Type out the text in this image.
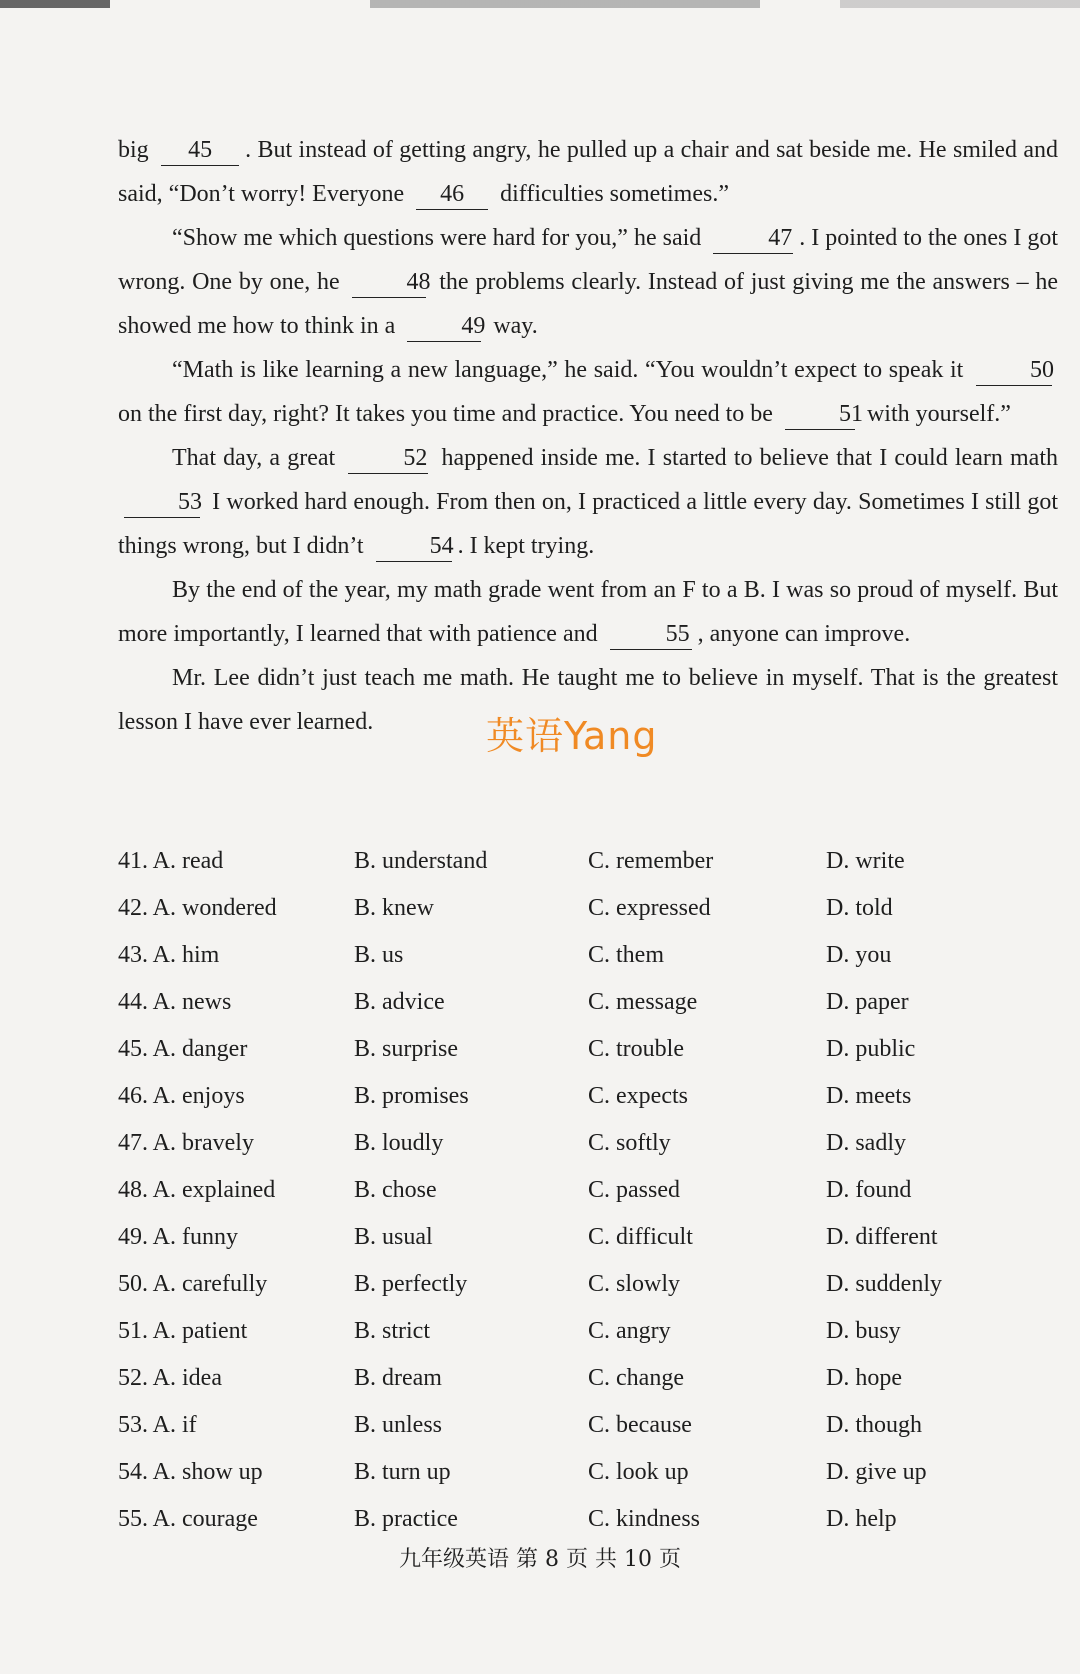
big 45 . But instead of getting angry, he pulled up a chair and sat beside me. He smiled and said, “Don’t worry! Everyone 46 difficulties sometimes.”

“Show me which questions were hard for you,” he said	47 . I pointed to the ones I got wrong. One by one, he	48 the problems clearly. Instead of just giving me the answers – he showed me how to think in a	49 way.

“Math is like learning a new language,” he said. “You wouldn’t expect to speak it	50 on the first day, right? It takes you time and practice. You need to be	51 with yourself.”

That day, a great	52 happened inside me. I started to believe that I could learn math 53 I worked hard enough. From then on, I practiced a little every day. Sometimes I still got things wrong, but I didn’t	54 . I kept trying.

By the end of the year, my math grade went from an F to a B. I was so proud of myself. But more importantly, I learned that with patience and	55 , anyone can improve.

Mr. Lee didn’t just teach me math. He taught me to believe in myself. That is the greatest lesson I have ever learned.	英语Yang
41. A. read	B. understand	C. remember	D. write
42. A. wondered	B. knew	C. expressed	D. told
43. A. him	B. us	C. them	D. you
44. A. news	B. advice	C. message	D. paper
45. A. danger	B. surprise	C. trouble	D. public
46. A. enjoys	B. promises	C. expects	D. meets
47. A. bravely	B. loudly	C. softly	D. sadly
48. A. explained	B. chose	C. passed	D. found
49. A. funny	B. usual	C. difficult	D. different
50. A. carefully	B. perfectly	C. slowly	D. suddenly
51. A. patient	B. strict	C. angry	D. busy
52. A. idea	B. dream	C. change	D. hope
53. A. if	B. unless	C. because	D. though
54. A. show up	B. turn up	C. look up	D. give up
55. A. courage	B. practice	C. kindness	D. help
九年级英语 第 8 页 共 10 页
